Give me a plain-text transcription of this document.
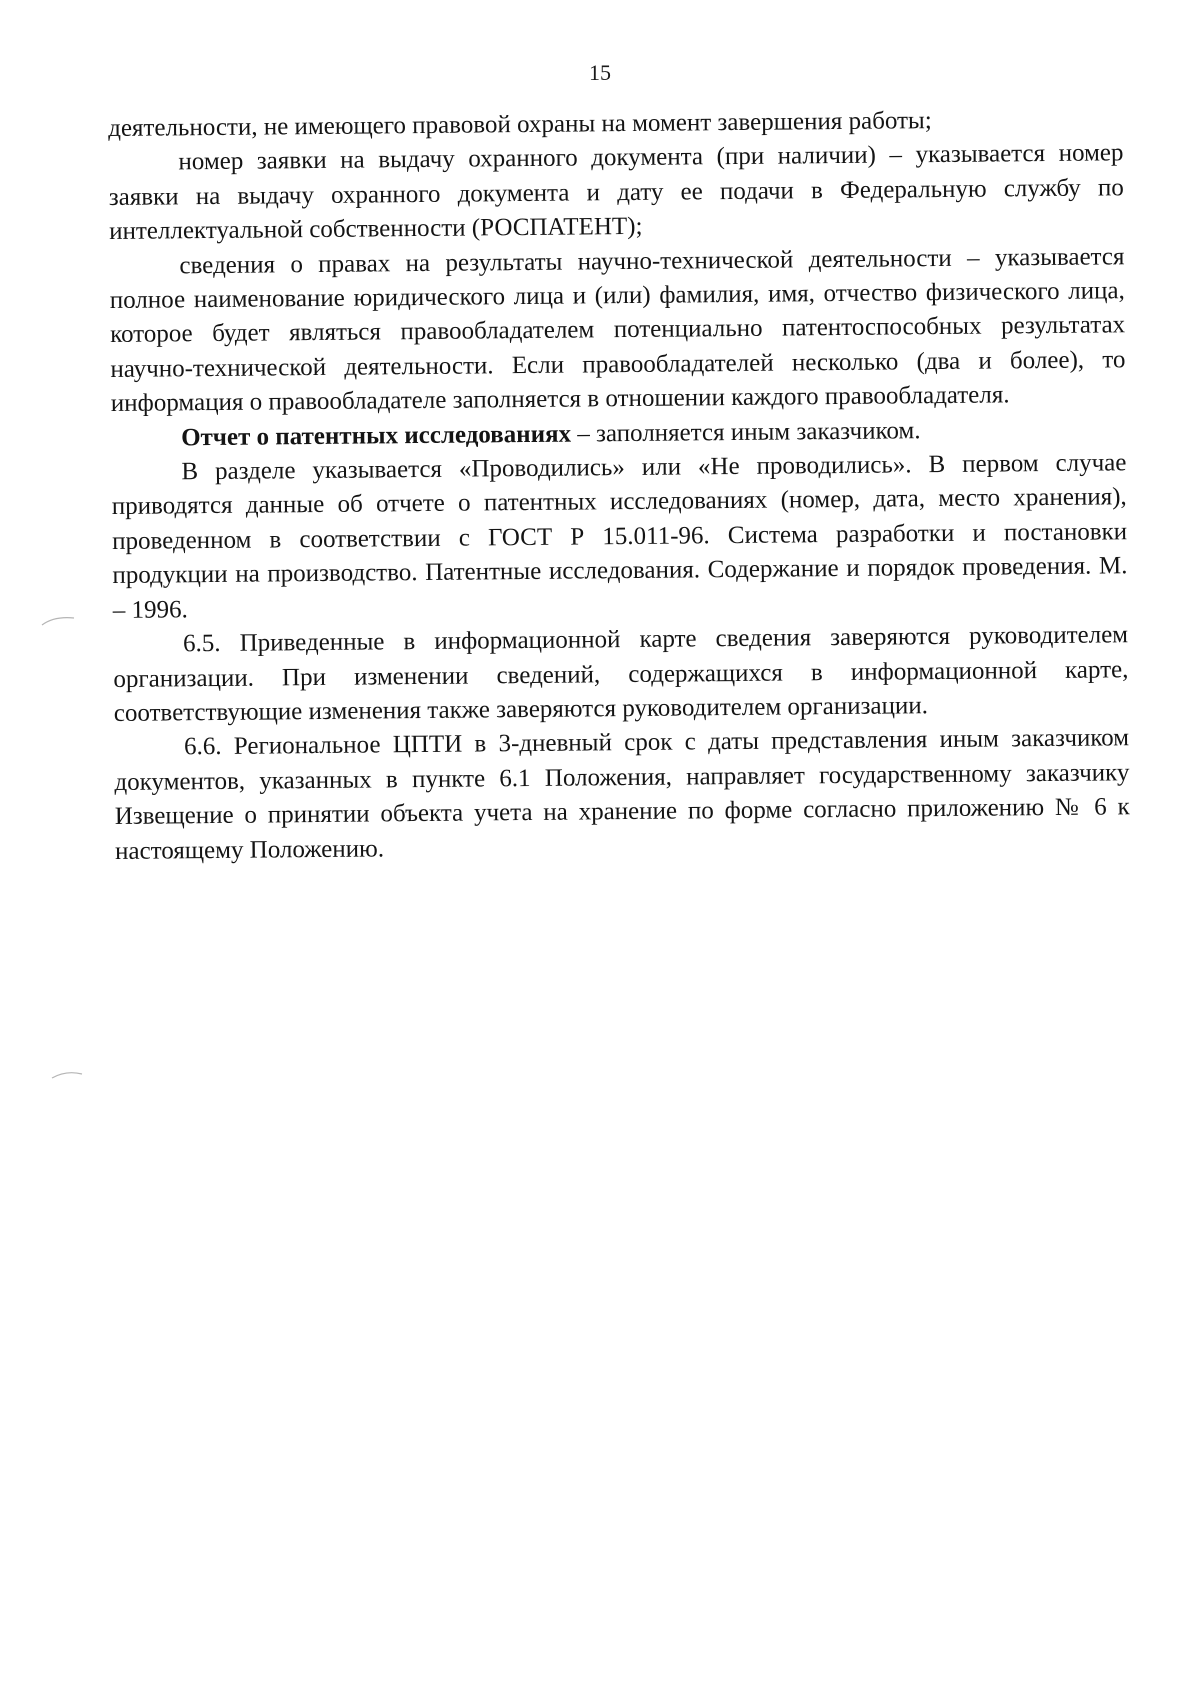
15

деятельности, не имеющего правовой охраны на момент завершения работы;

номер заявки на выдачу охранного документа (при наличии) – указывается номер заявки на выдачу охранного документа и дату ее подачи в Федеральную службу по интеллектуальной собственности (РОСПАТЕНТ);

сведения о правах на результаты научно-технической деятельности – указывается полное наименование юридического лица и (или) фамилия, имя, отчество физического лица, которое будет являться правообладателем потенциально патентоспособных результатах научно-технической деятельности. Если правообладателей несколько (два и более), то информация о правообладателе заполняется в отношении каждого правообладателя.

Отчет о патентных исследованиях – заполняется иным заказчиком.

В разделе указывается «Проводились» или «Не проводились». В первом случае приводятся данные об отчете о патентных исследованиях (номер, дата, место хранения), проведенном в соответствии с ГОСТ Р 15.011-96. Система разработки и постановки продукции на производство. Патентные исследования. Содержание и порядок проведения. М. – 1996.

6.5. Приведенные в информационной карте сведения заверяются руководителем организации. При изменении сведений, содержащихся в информационной карте, соответствующие изменения также заверяются руководителем организации.

6.6. Региональное ЦПТИ в 3-дневный срок с даты представления иным заказчиком документов, указанных в пункте 6.1 Положения, направляет государственному заказчику Извещение о принятии объекта учета на хранение по форме согласно приложению № 6 к настоящему Положению.
